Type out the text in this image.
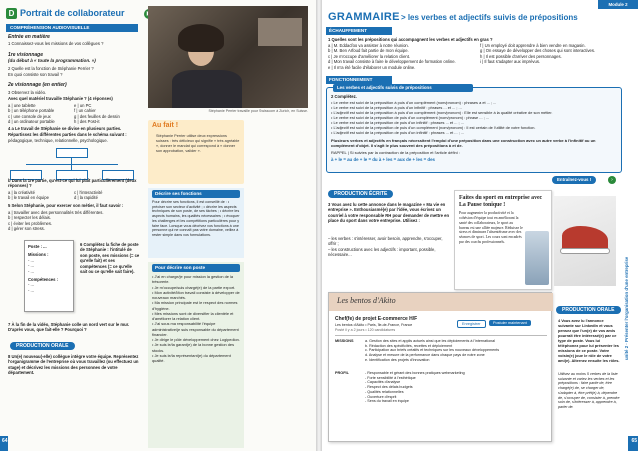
D Portrait de collaborateur
COMPRÉHENSION AUDIOVISUELLE
Entrée en matière
1 Connaissez-vous les missions de vos collègues ?
1re visionnage
(du début à « toute la programmation. »)
2 Quelle est la fonction de Stéphanie Perrier ?
En quoi consiste son travail ?
2e visionnage (en entier)
3 Observez la vidéo.
Avec quel matériel travaille Stéphanie ? (4 réponses)
a | une tablette
b | un téléphone portable
c | une console de jeux
d | un ordinateur portable
e | un PC
f | un cahier
g | des feuilles de dessin
h | des Post-it
4 a Le travail de Stéphanie se divise en plusieurs parties.
Répartissez les différentes parties dans le schéma suivant :
pédagogique, technique, relationnelle, psychologique.
b Dans la 1re partie, qu'est-ce qui lui plaît particulièrement (deux réponses) ?
a | la créativité
b | le travail en équipe
c | l'interactivité
d | la rapidité
5 Selon Stéphanie, pour exercer son métier, il faut savoir :
a | travailler avec des personnalités très différentes.
b | respecter les délais.
c | éviter les problèmes.
d | gérer son stress.
Poste : ...
Missions :
- ...
- ...
- ...
Compétences :
- ...
- ...
6 Complétez la fiche de poste de Stéphanie : l'intitulé de son poste, ses missions (= ce qu'elle fait) et ses compétences (= ce qu'elle sait ou ce qu'elle sait faire).
7 À la fin de la vidéo, Stéphanie colle un nord vert sur le mur. D'après vous, que fait-elle ? Pourquoi ?
PRODUCTION ORALE
8 Un(e) nouveau(-elle) collègue intègre votre équipe. Représentez l'organigramme de l'entreprise où vous travaillez (ou effectuez un stage) et décrivez les missions des personnes de votre département.
64
Stéphanie Perrier travaille pour Swisscom à Zurich, en Suisse.
Au fait !
Stéphanie Perrier utilise deux expressions suisses : très délicieux qui signifie « très agréable », donner le mandat qui correspond à « donner son approbation, valider ».
Décrire ses fonctions
Pour décrire ses fonctions, il est conseillé de : • préciser son secteur d'activité ; • décrire les aspects techniques de son poste, de ses tâches ; • décrire les aspects humains, les qualités nécessaires ; • évoquer les challenges et les compétitions particulières pour y faire face. Lorsque vous décrivez vos fonctions à une personne qui ne connaît pas votre domaine, veillez à rester simple dans vos formulations.
Pour décrire son poste
• J'ai en charge/je pour mission la gestion de la trésorerie.
• Je m'occupe/suis chargé(e) de la partie export.
• Mon activité/Mon travail consiste à développer de nouveaux marchés.
• Ma mission principale est le respect des normes d'hygiène.
• Mes missions sont de diversifier la clientèle et d'améliorer la relation client.
• J'ai sous ma responsabilité l'équipe administrative/je suis responsable du département financier.
• Je dirige le pôle développement chez Logipedion.
• Je suis le/la garant(e) de la bonne gestion des stocks.
• Je suis le/la représentant(e) du département qualité.
Module 2
GRAMMAIRE > les verbes et adjectifs suivis de prépositions
ÉCHAUFFEMENT
1 Quelles sont les prépositions qui accompagnent les verbes et adjectifs en gras ?
a | M. Eddacfoo va assister à notre réunion.
b | M. Ben Arfoud fait partie de mon équipe.
c | Je m'occupe d'améliorer la relation client.
d | Mon travail consiste à faire le développement de formation online.
e | Il m'a été facile d'élaborer un module online.
f | Un employé doit apprendre à bien vendre en magasin.
g | On essaye de développer des choses qui sont interactives.
h | Il est possible d'arriver des personnages.
i | Il faut s'adapter aux imprévus.
FONCTIONNEMENT
Les verbes et adjectifs suivis de prépositions
2 Complétez.
• Le verbe est suivi de la préposition à puis d'un complément (nom/pronom) : phrases a et ... ; ...
• Le verbe est suivi de la préposition à puis d'un infinitif : phrases ... et ... ; ...
• L'adjectif est suivi de la préposition à puis d'un complément (nom/pronom) : Elle est sensible à la qualité créative de son métier.
• Le verbe est suivi de la préposition de puis d'un complément (nom/pronom) : phrase ... ; ...
• Le verbe est suivi de la préposition de puis d'un infinitif : phrases ... et ... ; ...
• L'adjectif est suivi de la préposition de puis d'un complément (nom/pronom) : Il est certain de l'utilité de votre fonction.
• L'adjectif est suivi de la préposition de puis d'un infinitif : phrases ... et ... ; ...
Plusieurs verbes et adjectifs en français nécessitent l'emploi d'une préposition dans une construction avec un autre verbe à l'infinitif ou un complément d'objet. Il s'agit le plus souvent des prépositions à et de.
RAPPEL | Si suivies par la contraction de la préposition et l'article défini :
à + le = au de + le = du à + les = aux de + les = des
Entraînez-vous !	›
PRODUCTION ÉCRITE
3 Vous avez lu cette annonce dans le magazine « Ma vie en entreprise ». Enthousiasmé(e) par l'idée, vous écrivez un courriel à votre responsable RH pour demander de mettre en place du sport dans votre entreprise. Utilisez :
– les verbes : s'intéresser, avoir besoin, apprendre, s'occuper, offrir ;
– les constructions avec les adjectifs : important, possible, nécessaire...
Faites du sport en entreprise avec La Pause tonique !
Pour augmenter la productivité et la cohésion d'équipe tout en améliorant la santé des collaborateurs, le sport au bureau est une alliée majeure. Réduisez le stress et diminuez l'absentéisme avec des séances de sport. Les cours sont encadrés par des coachs professionnels.
Les bentos d'Akito
Chef(fe) de projet E-commerce H/F
Les bentos d'Akito • Paris, Île-de-France, France
Posté il y a 2 jours • 120 candidatures
Enregistrer	Postuler maintenant
MISSIONS	a. Gestion des sites et applis actuels ainsi que les déploiements à l'international
b. Rédaction des spécificités, recettes et déploiement
c. Participation aux briefs créatifs et techniques sur les nouveaux développements
d. Analyse et mesure de la performance dans chaque pays de notre zone
e. Identification des projets d'innovation
PROFIL	- Responsable et gérant des bonnes pratiques webmarketing
- Forte sensibilité à l'esthétique
- Capacités d'analyse
- Respect des délais budgets
- Qualités relationnelles
- Ouverture d'esprit
- Sens du travail en équipe
PRODUCTION ORALE
4 Vous avez lu l'annonce suivante sur LinkedIn et vous pensez que l'un(e) de vos amis pourrait être intéressé(e) par ce type de poste. Vous lui téléphonez pour lui présenter les missions de ce poste. Votre voisin(e) joue le rôle de votre ami(e). Alternez ensuite les rôles.
Utilisez au moins 5 verbes de la liste suivante et variez les verbes et les prépositions : faire partie de, être chargé(e) de, se charger de, s'adapter à, être prêt(e) à, dépendre de, s'occuper de, consister à, prendre soin de, s'intéresser à, apprendre à, parler de.
unité 2 · Présenter l'organisation d'une entreprise
65
